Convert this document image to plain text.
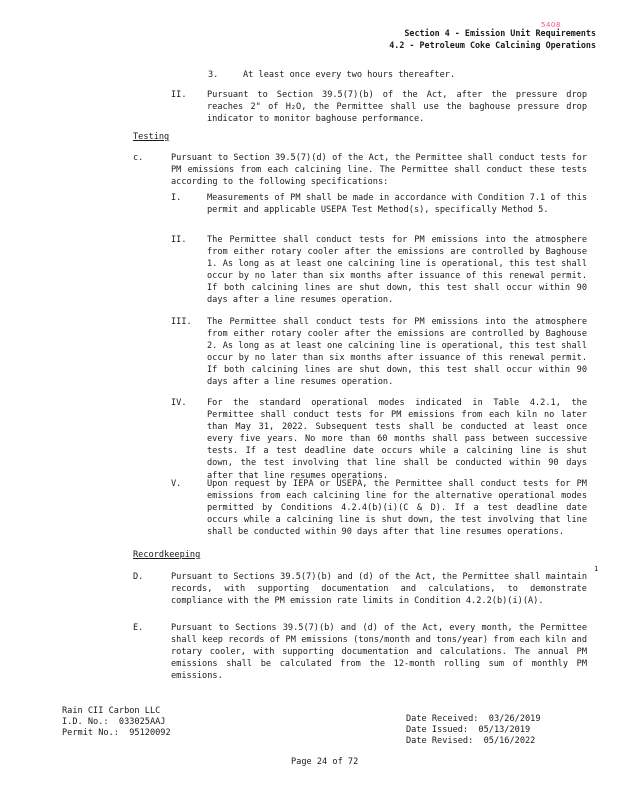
5408
Section 4 - Emission Unit Requirements
4.2 - Petroleum Coke Calcining Operations
3.	At least once every two hours thereafter.
II. Pursuant to Section 39.5(7)(b) of the Act, after the pressure drop reaches 2" of H₂O, the Permittee shall use the baghouse pressure drop indicator to monitor baghouse performance.
Testing
c.	Pursuant to Section 39.5(7)(d) of the Act, the Permittee shall conduct tests for PM emissions from each calcining line. The Permittee shall conduct these tests according to the following specifications:
I.	Measurements of PM shall be made in accordance with Condition 7.1 of this permit and applicable USEPA Test Method(s), specifically Method 5.
II. The Permittee shall conduct tests for PM emissions into the atmosphere from either rotary cooler after the emissions are controlled by Baghouse 1. As long as at least one calcining line is operational, this test shall occur by no later than six months after issuance of this renewal permit. If both calcining lines are shut down, this test shall occur within 90 days after a line resumes operation.
III. The Permittee shall conduct tests for PM emissions into the atmosphere from either rotary cooler after the emissions are controlled by Baghouse 2. As long as at least one calcining line is operational, this test shall occur by no later than six months after issuance of this renewal permit. If both calcining lines are shut down, this test shall occur within 90 days after a line resumes operation.
IV. For the standard operational modes indicated in Table 4.2.1, the Permittee shall conduct tests for PM emissions from each kiln no later than May 31, 2022. Subsequent tests shall be conducted at least once every five years. No more than 60 months shall pass between successive tests. If a test deadline date occurs while a calcining line is shut down, the test involving that line shall be conducted within 90 days after that line resumes operations.
V.	Upon request by IEPA or USEPA, the Permittee shall conduct tests for PM emissions from each calcining line for the alternative operational modes permitted by Conditions 4.2.4(b)(i)(C & D). If a test deadline date occurs while a calcining line is shut down, the test involving that line shall be conducted within 90 days after that line resumes operations.
Recordkeeping
1
D.	Pursuant to Sections 39.5(7)(b) and (d) of the Act, the Permittee shall maintain records, with supporting documentation and calculations, to demonstrate compliance with the PM emission rate limits in Condition 4.2.2(b)(i)(A).
E.	Pursuant to Sections 39.5(7)(b) and (d) of the Act, every month, the Permittee shall keep records of PM emissions (tons/month and tons/year) from each kiln and rotary cooler, with supporting documentation and calculations. The annual PM emissions shall be calculated from the 12-month rolling sum of monthly PM emissions.
Rain CII Carbon LLC
I.D. No.:  033025AAJ
Permit No.:  95120092
Date Received:  03/26/2019
Date Issued:  05/13/2019
Date Revised:  05/16/2022
Page 24 of 72
